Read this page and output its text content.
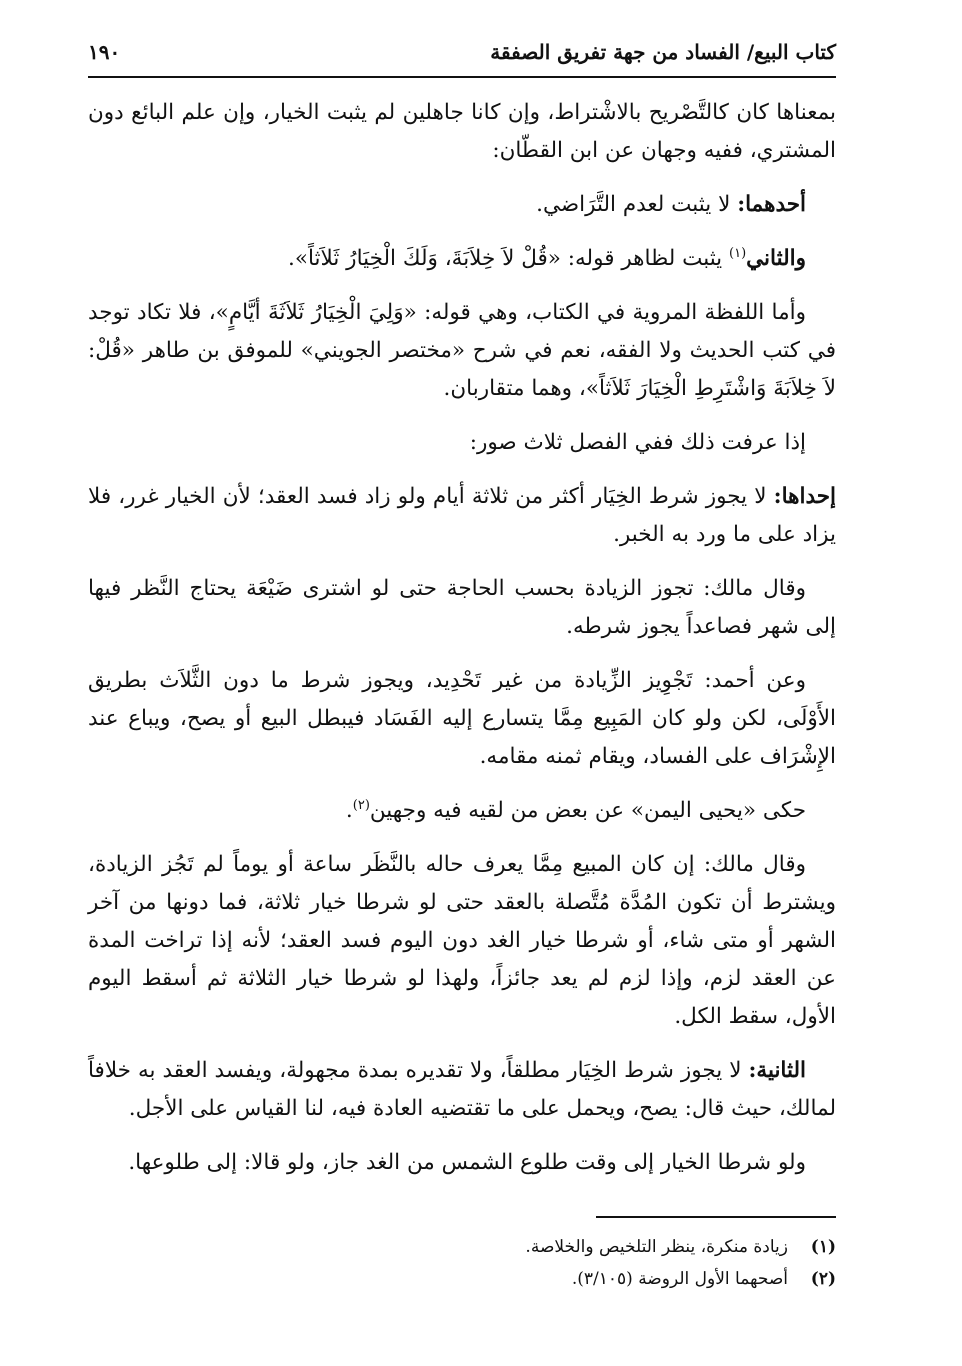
كتاب البيع/ الفساد من جهة تفريق الصفقة
١٩٠

بمعناها كان كالتَّصْريح بالاشْتراط، وإن كانا جاهلين لم يثبت الخيار، وإن علم البائع دون المشتري، ففيه وجهان عن ابن القطّان:

أحدهما: لا يثبت لعدم التَّرَاضي.

والثاني$^{(١)}$ يثبت لظاهر قوله: «قُلْ لاَ خِلاَبَةَ، وَلَكَ الْخِيَارُ ثَلاَثاً».

وأما اللفظة المروية في الكتاب، وهي قوله: «وَلِيَ الْخِيَارُ ثَلاَثَةَ أيَّامٍ»، فلا تكاد توجد في كتب الحديث ولا الفقه، نعم في شرح «مختصر الجويني» للموفق بن طاهر «قُلْ: لاَ خِلاَبَةَ وَاشْتَرِطِ الْخِيَارَ ثَلاَثاً»، وهما متقاربان.

إذا عرفت ذلك ففي الفصل ثلاث صور:

إحداها: لا يجوز شرط الخِيَار أكثر من ثلاثة أيام ولو زاد فسد العقد؛ لأن الخيار غرر، فلا يزاد على ما ورد به الخبر.

وقال مالك: تجوز الزيادة بحسب الحاجة حتى لو اشترى ضَيْعَة يحتاج النَّظر فيها إلى شهر فصاعداً يجوز شرطه.

وعن أحمد: تَجْوِيز الزِّيادة من غير تَحْدِيد، ويجوز شرط ما دون الثَّلاَث بطريق الأَوْلَى، لكن ولو كان المَبِيع مِمَّا يتسارع إليه الفَسَاد فيبطل البيع أو يصح، ويباع عند الإِشْرَاف على الفساد، ويقام ثمنه مقامه.

حكى «يحيى اليمن» عن بعض من لقيه فيه وجهين$^{(٢)}$.

وقال مالك: إن كان المبيع مِمَّا يعرف حاله بالنَّظَر ساعة أو يوماً لم تَجُز الزيادة، ويشترط أن تكون المُدَّة مُتَّصلة بالعقد حتى لو شرطا خيار ثلاثة، فما دونها من آخر الشهر أو متى شاء، أو شرطا خيار الغد دون اليوم فسد العقد؛ لأنه إذا تراخت المدة عن العقد لزم، وإذا لزم لم يعد جائزاً، ولهذا لو شرطا خيار الثلاثة ثم أسقط اليوم الأول، سقط الكل.

الثانية: لا يجوز شرط الخِيَار مطلقاً، ولا تقديره بمدة مجهولة، ويفسد العقد به خلافاً لمالك، حيث قال: يصح، ويحمل على ما تقتضيه العادة فيه، لنا القياس على الأجل.

ولو شرطا الخيار إلى وقت طلوع الشمس من الغد جاز، ولو قالا: إلى طلوعها.

(١)
زيادة منكرة، ينظر التلخيص والخلاصة.
(٢)
أصحهما الأول الروضة (٣/١٠٥).
